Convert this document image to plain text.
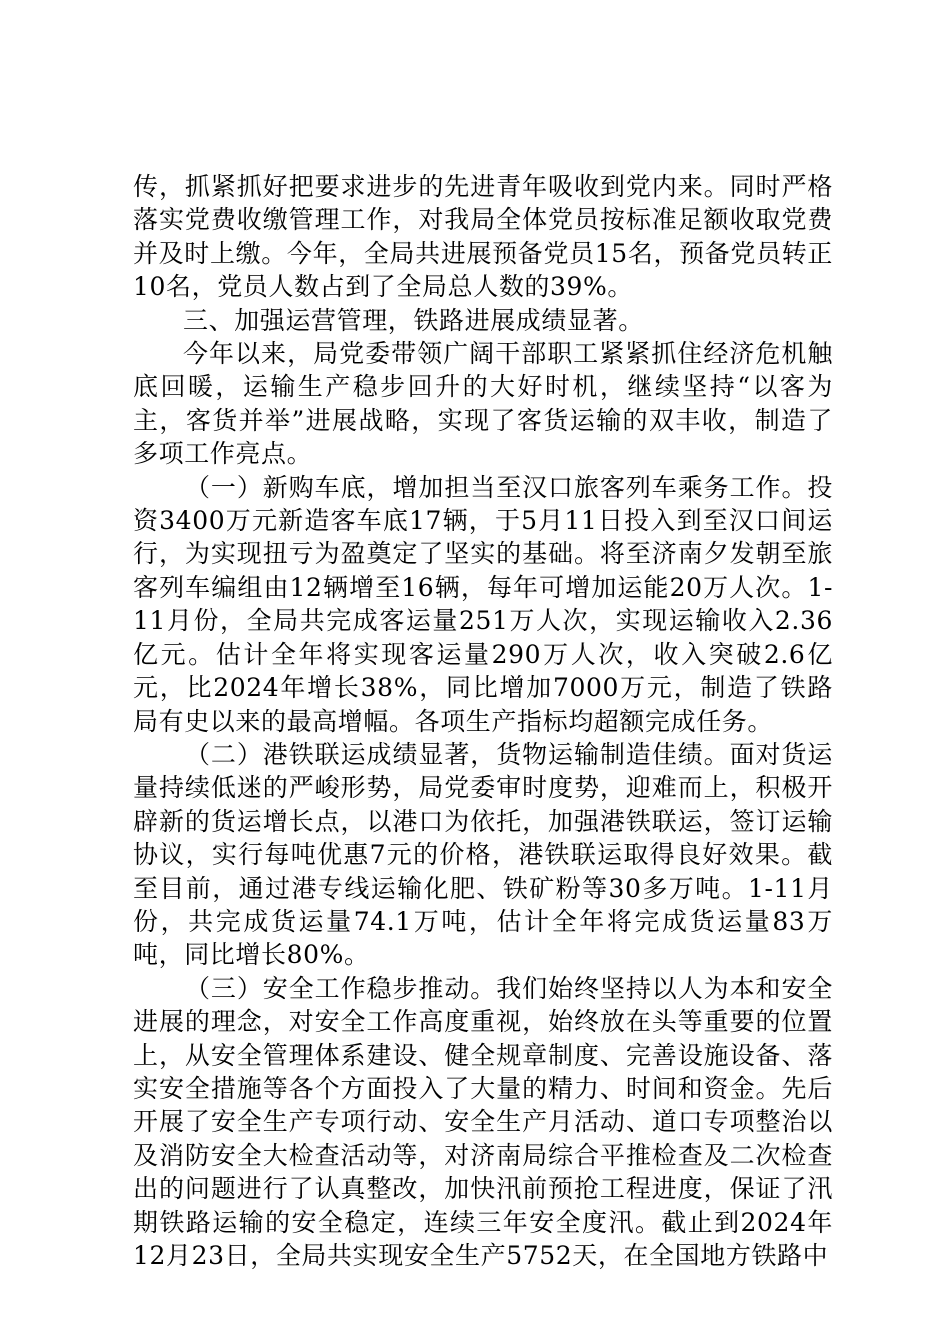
传，抓紧抓好把要求进步的先进青年吸收到党内来。同时严格落实党费收缴管理工作，对我局全体党员按标准足额收取党费并及时上缴。今年，全局共进展预备党员15名，预备党员转正10名，党员人数占到了全局总人数的39%。

三、加强运营管理，铁路进展成绩显著。

今年以来，局党委带领广阔干部职工紧紧抓住经济危机触底回暖，运输生产稳步回升的大好时机，继续坚持“以客为主，客货并举”进展战略，实现了客货运输的双丰收，制造了多项工作亮点。

（一）新购车底，增加担当至汉口旅客列车乘务工作。投资3400万元新造客车底17辆，于5月11日投入到至汉口间运行，为实现扭亏为盈奠定了坚实的基础。将至济南夕发朝至旅客列车编组由12辆增至16辆，每年可增加运能20万人次。1-11月份，全局共完成客运量251万人次，实现运输收入2.36亿元。估计全年将实现客运量290万人次，收入突破2.6亿元，比2024年增长38%，同比增加7000万元，制造了铁路局有史以来的最高增幅。各项生产指标均超额完成任务。

（二）港铁联运成绩显著，货物运输制造佳绩。面对货运量持续低迷的严峻形势，局党委审时度势，迎难而上，积极开辟新的货运增长点，以港口为依托，加强港铁联运，签订运输协议，实行每吨优惠7元的价格，港铁联运取得良好效果。截至目前，通过港专线运输化肥、铁矿粉等30多万吨。1-11月份，共完成货运量74.1万吨，估计全年将完成货运量83万吨，同比增长80%。

（三）安全工作稳步推动。我们始终坚持以人为本和安全进展的理念，对安全工作高度重视，始终放在头等重要的位置上，从安全管理体系建设、健全规章制度、完善设施设备、落实安全措施等各个方面投入了大量的精力、时间和资金。先后开展了安全生产专项行动、安全生产月活动、道口专项整治以及消防安全大检查活动等，对济南局综合平推检查及二次检查出的问题进行了认真整改，加快汛前预抢工程进度，保证了汛期铁路运输的安全稳定，连续三年安全度汛。截止到2024年12月23日，全局共实现安全生产5752天，在全国地方铁路中
